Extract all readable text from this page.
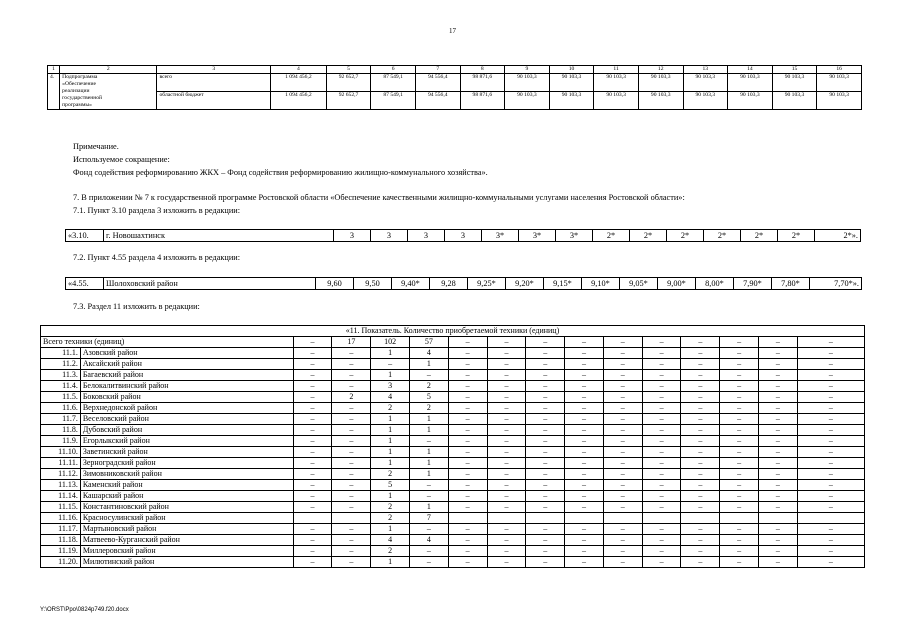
17
1	2	3	4	5	6	7	8	9	10	11	12	13	14	15	16
4.	Подпрограмма
«Обеспечение
реализации
государственной
программы»	всего	1 094 456,2	92 652,7	87 549,1	94 556,4	98 871,6	90 103,3	90 103,3	90 103,3	90 103,3	90 103,3	90 103,3	90 103,3	90 103,3
		областной бюджет	1 094 456,2	92 652,7	87 549,1	94 556,4	98 871,6	90 103,3	90 103,3	90 103,3	90 103,3	90 103,3	90 103,3	90 103,3	90 103,3
Примечание.
Используемое сокращение:
Фонд содействия реформированию ЖКХ – Фонд содействия реформированию жилищно-коммунального хозяйства».
7. В приложении № 7 к государственной программе Ростовской области «Обеспечение качественными жилищно-коммунальными услугами населения Ростовской области»:
7.1. Пункт 3.10 раздела 3 изложить в редакции:
«3.10.	г. Новошахтинск	3	3	3	3	3*	3*	3*	2*	2*	2*	2*	2*	2*	2*».
7.2. Пункт 4.55 раздела 4 изложить в редакции:
«4.55.	Шолоховский район	9,60	9,50	9,40*	9,28	9,25*	9,20*	9,15*	9,10*	9,05*	9,00*	8,00*	7,90*	7,80*	7,70*».
7.3. Раздел 11 изложить в редакции:
«11. Показатель. Количество приобретаемой техники (единиц)															
Всего техники (единиц)		–	17	102	57	–	–	–	–	–	–	–	–	–	–
11.1.	Азовский район	–	–	1	4	–	–	–	–	–	–	–	–	–	–
11.2.	Аксайский район	–	–	–	1	–	–	–	–	–	–	–	–	–	–
11.3.	Багаевский район	–	–	1	–	–	–	–	–	–	–	–	–	–	–
11.4.	Белокалитвинский район	–	–	3	2	–	–	–	–	–	–	–	–	–	–
11.5.	Боковский район	–	2	4	5	–	–	–	–	–	–	–	–	–	–
11.6.	Верхнедонской район	–	–	2	2	–	–	–	–	–	–	–	–	–	–
11.7.	Веселовский район	–	–	1	1	–	–	–	–	–	–	–	–	–	–
11.8.	Дубовский район	–	–	1	1	–	–	–	–	–	–	–	–	–	–
11.9.	Егорлыкский район	–	–	1	–	–	–	–	–	–	–	–	–	–	–
11.10.	Заветинский район	–	–	1	1	–	–	–	–	–	–	–	–	–	–
11.11.	Зерноградский район	–	–	1	1	–	–	–	–	–	–	–	–	–	–
11.12.	Зимовниковский район	–	–	2	1	–	–	–	–	–	–	–	–	–	–
11.13.	Каменский район	–	–	5	–	–	–	–	–	–	–	–	–	–	–
11.14.	Кашарский район	–	–	1	–	–	–	–	–	–	–	–	–	–	–
11.15.	Константиновский район	–	–	2	1	–	–	–	–	–	–	–	–	–	–
11.16.	Красносулинский район			2	7										
11.17.	Мартыновский район	–	–	1	–	–	–	–	–	–	–	–	–	–	–
11.18.	Матвеево-Курганский район	–	–	4	4	–	–	–	–	–	–	–	–	–	–
11.19.	Миллеровский район	–	–	2	–	–	–	–	–	–	–	–	–	–	–
11.20.	Милютинский район	–	–	1	–	–	–	–	–	–	–	–	–	–	–
Y:\ORST\Ppo\0824p749.f20.docx
